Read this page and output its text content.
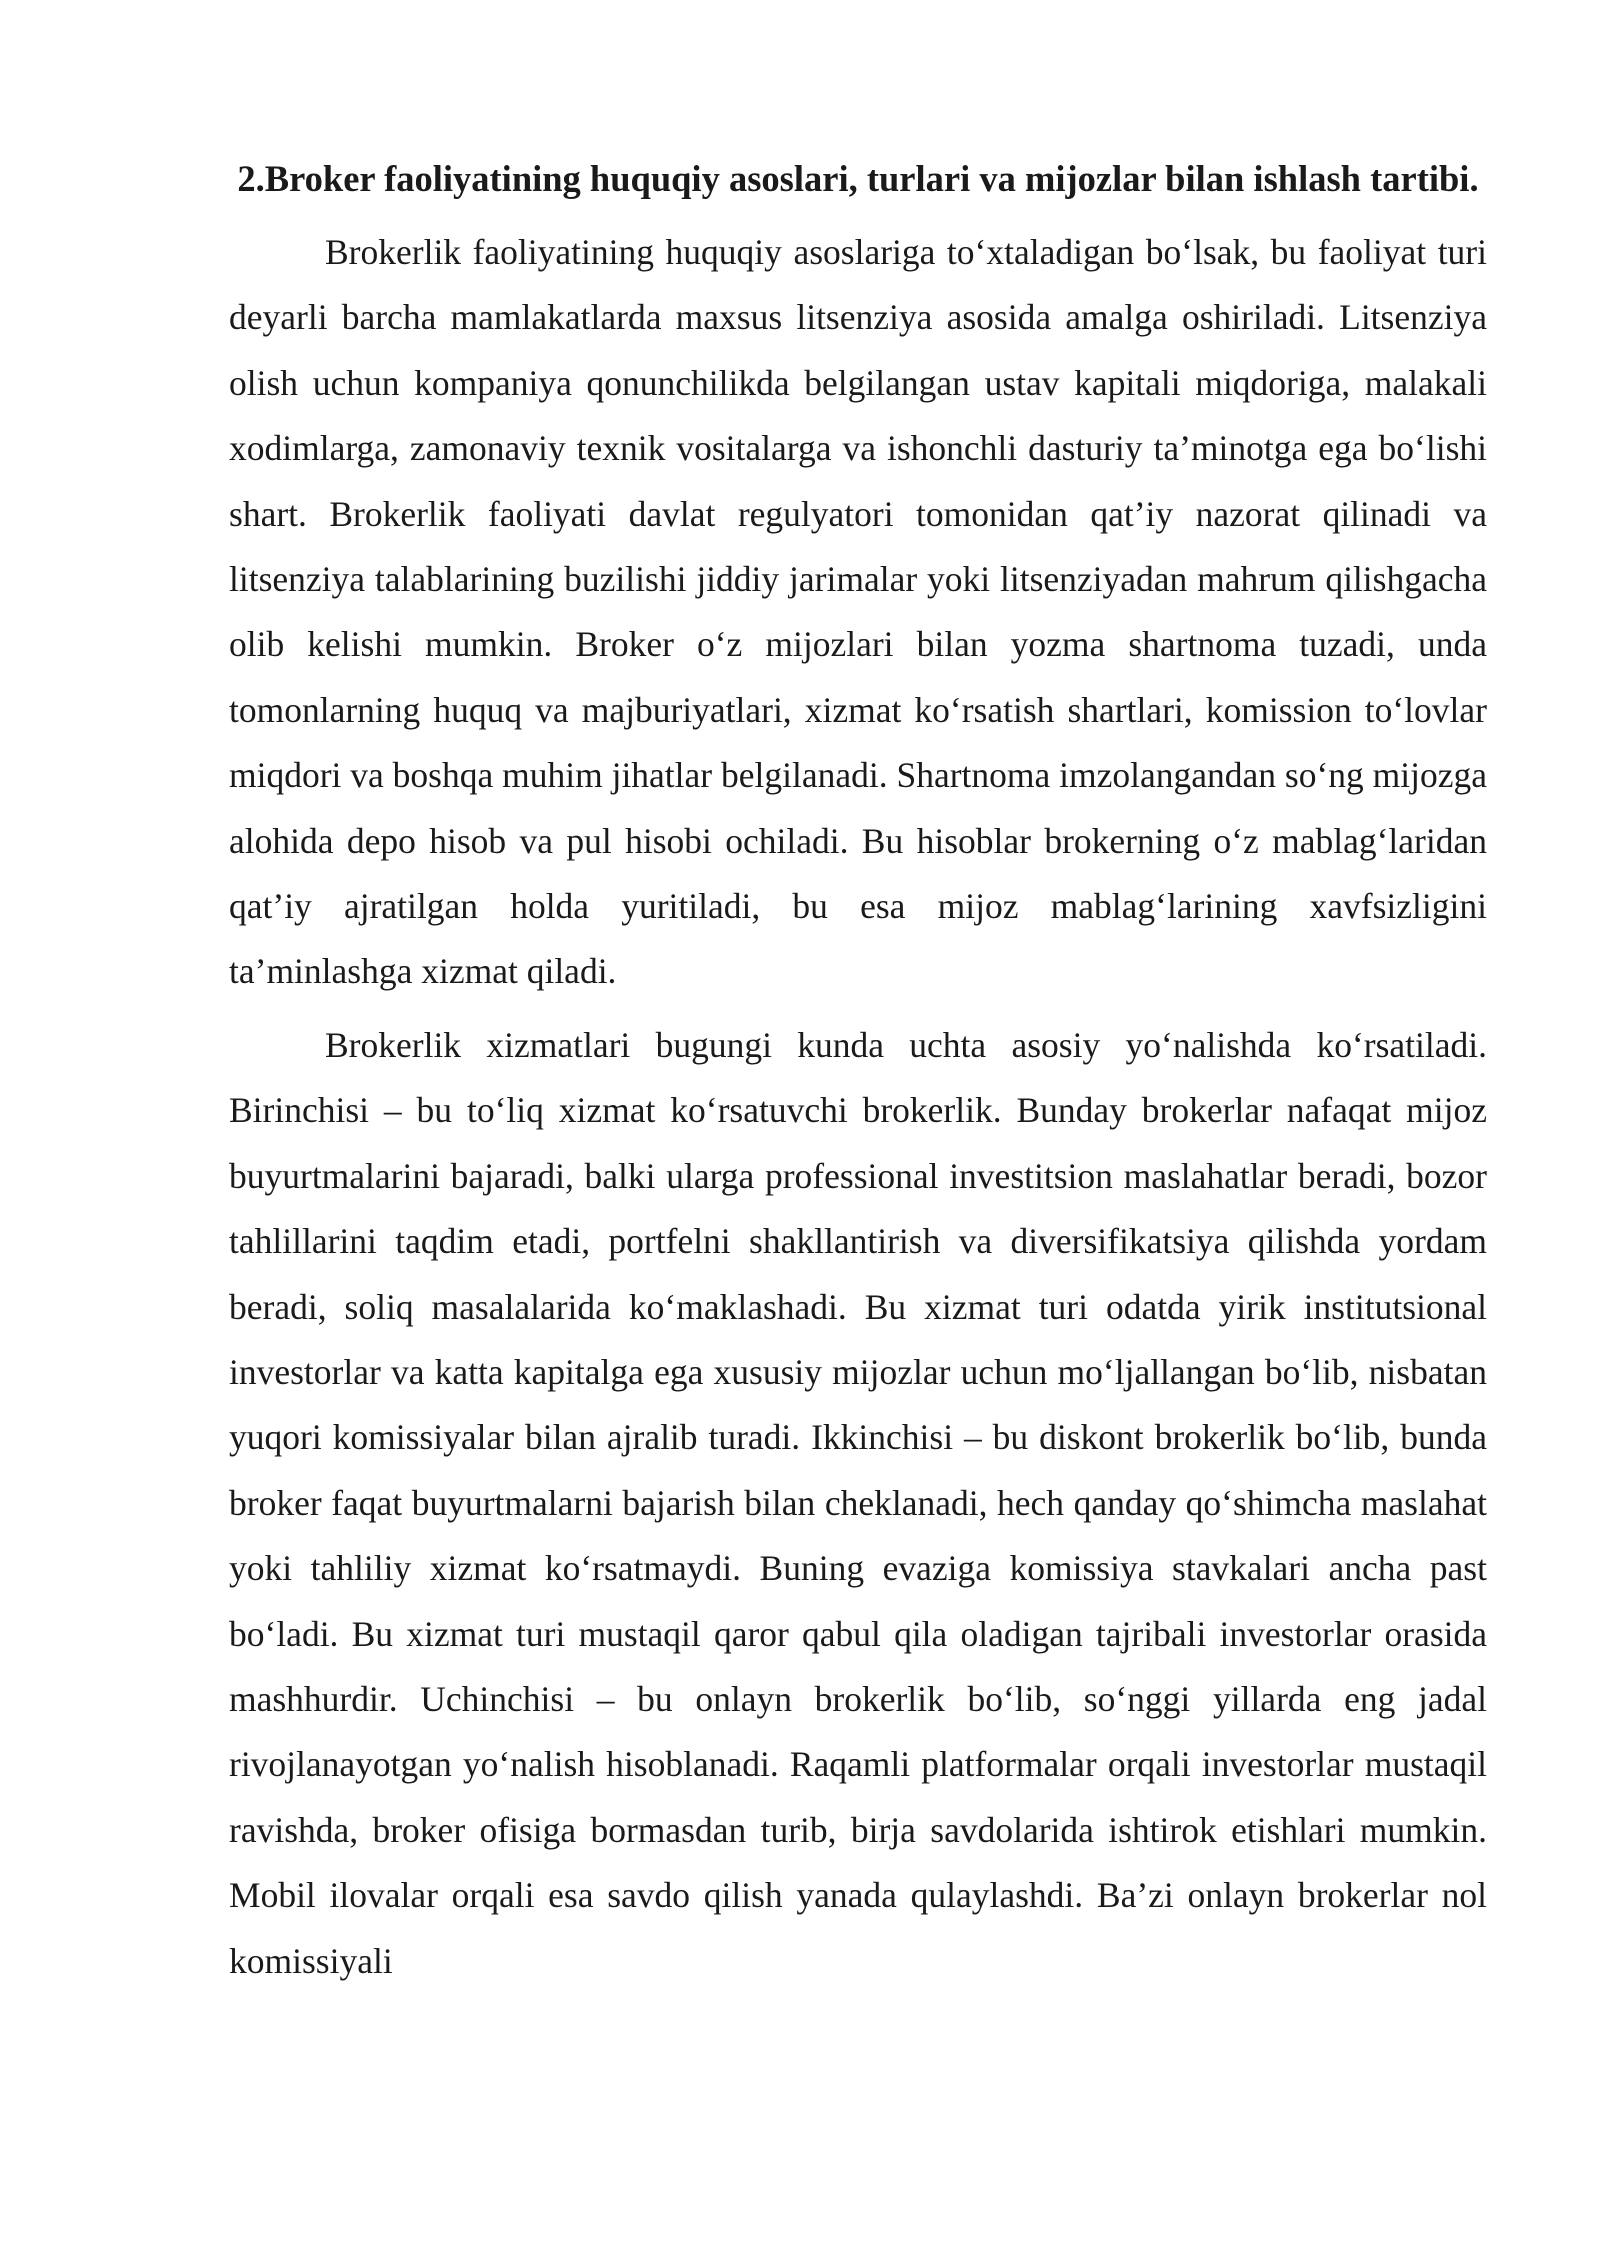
2.Broker faoliyatining huquqiy asoslari, turlari va mijozlar bilan ishlash tartibi.

Brokerlik faoliyatining huquqiy asoslariga to‘xtaladigan bo‘lsak, bu faoliyat turi deyarli barcha mamlakatlarda maxsus litsenziya asosida amalga oshiriladi. Litsenziya olish uchun kompaniya qonunchilikda belgilangan ustav kapitali miqdoriga, malakali xodimlarga, zamonaviy texnik vositalarga va ishonchli dasturiy ta’minotga ega bo‘lishi shart. Brokerlik faoliyati davlat regulyatori tomonidan qat’iy nazorat qilinadi va litsenziya talablarining buzilishi jiddiy jarimalar yoki litsenziyadan mahrum qilishgacha olib kelishi mumkin. Broker o‘z mijozlari bilan yozma shartnoma tuzadi, unda tomonlarning huquq va majburiyatlari, xizmat ko‘rsatish shartlari, komission to‘lovlar miqdori va boshqa muhim jihatlar belgilanadi. Shartnoma imzolangandan so‘ng mijozga alohida depo hisob va pul hisobi ochiladi. Bu hisoblar brokerning o‘z mablag‘laridan qat’iy ajratilgan holda yuritiladi, bu esa mijoz mablag‘larining xavfsizligini ta’minlashga xizmat qiladi.

Brokerlik xizmatlari bugungi kunda uchta asosiy yo‘nalishda ko‘rsatiladi. Birinchisi – bu to‘liq xizmat ko‘rsatuvchi brokerlik. Bunday brokerlar nafaqat mijoz buyurtmalarini bajaradi, balki ularga professional investitsion maslahatlar beradi, bozor tahlillarini taqdim etadi, portfelni shakllantirish va diversifikatsiya qilishda yordam beradi, soliq masalalarida ko‘maklashadi. Bu xizmat turi odatda yirik institutsional investorlar va katta kapitalga ega xususiy mijozlar uchun mo‘ljallangan bo‘lib, nisbatan yuqori komissiyalar bilan ajralib turadi. Ikkinchisi – bu diskont brokerlik bo‘lib, bunda broker faqat buyurtmalarni bajarish bilan cheklanadi, hech qanday qo‘shimcha maslahat yoki tahliliy xizmat ko‘rsatmaydi. Buning evaziga komissiya stavkalari ancha past bo‘ladi. Bu xizmat turi mustaqil qaror qabul qila oladigan tajribali investorlar orasida mashhurdir. Uchinchisi – bu onlayn brokerlik bo‘lib, so‘nggi yillarda eng jadal rivojlanayotgan yo‘nalish hisoblanadi. Raqamli platformalar orqali investorlar mustaqil ravishda, broker ofisiga bormasdan turib, birja savdolarida ishtirok etishlari mumkin. Mobil ilovalar orqali esa savdo qilish yanada qulaylashdi. Ba’zi onlayn brokerlar nol komissiyali
